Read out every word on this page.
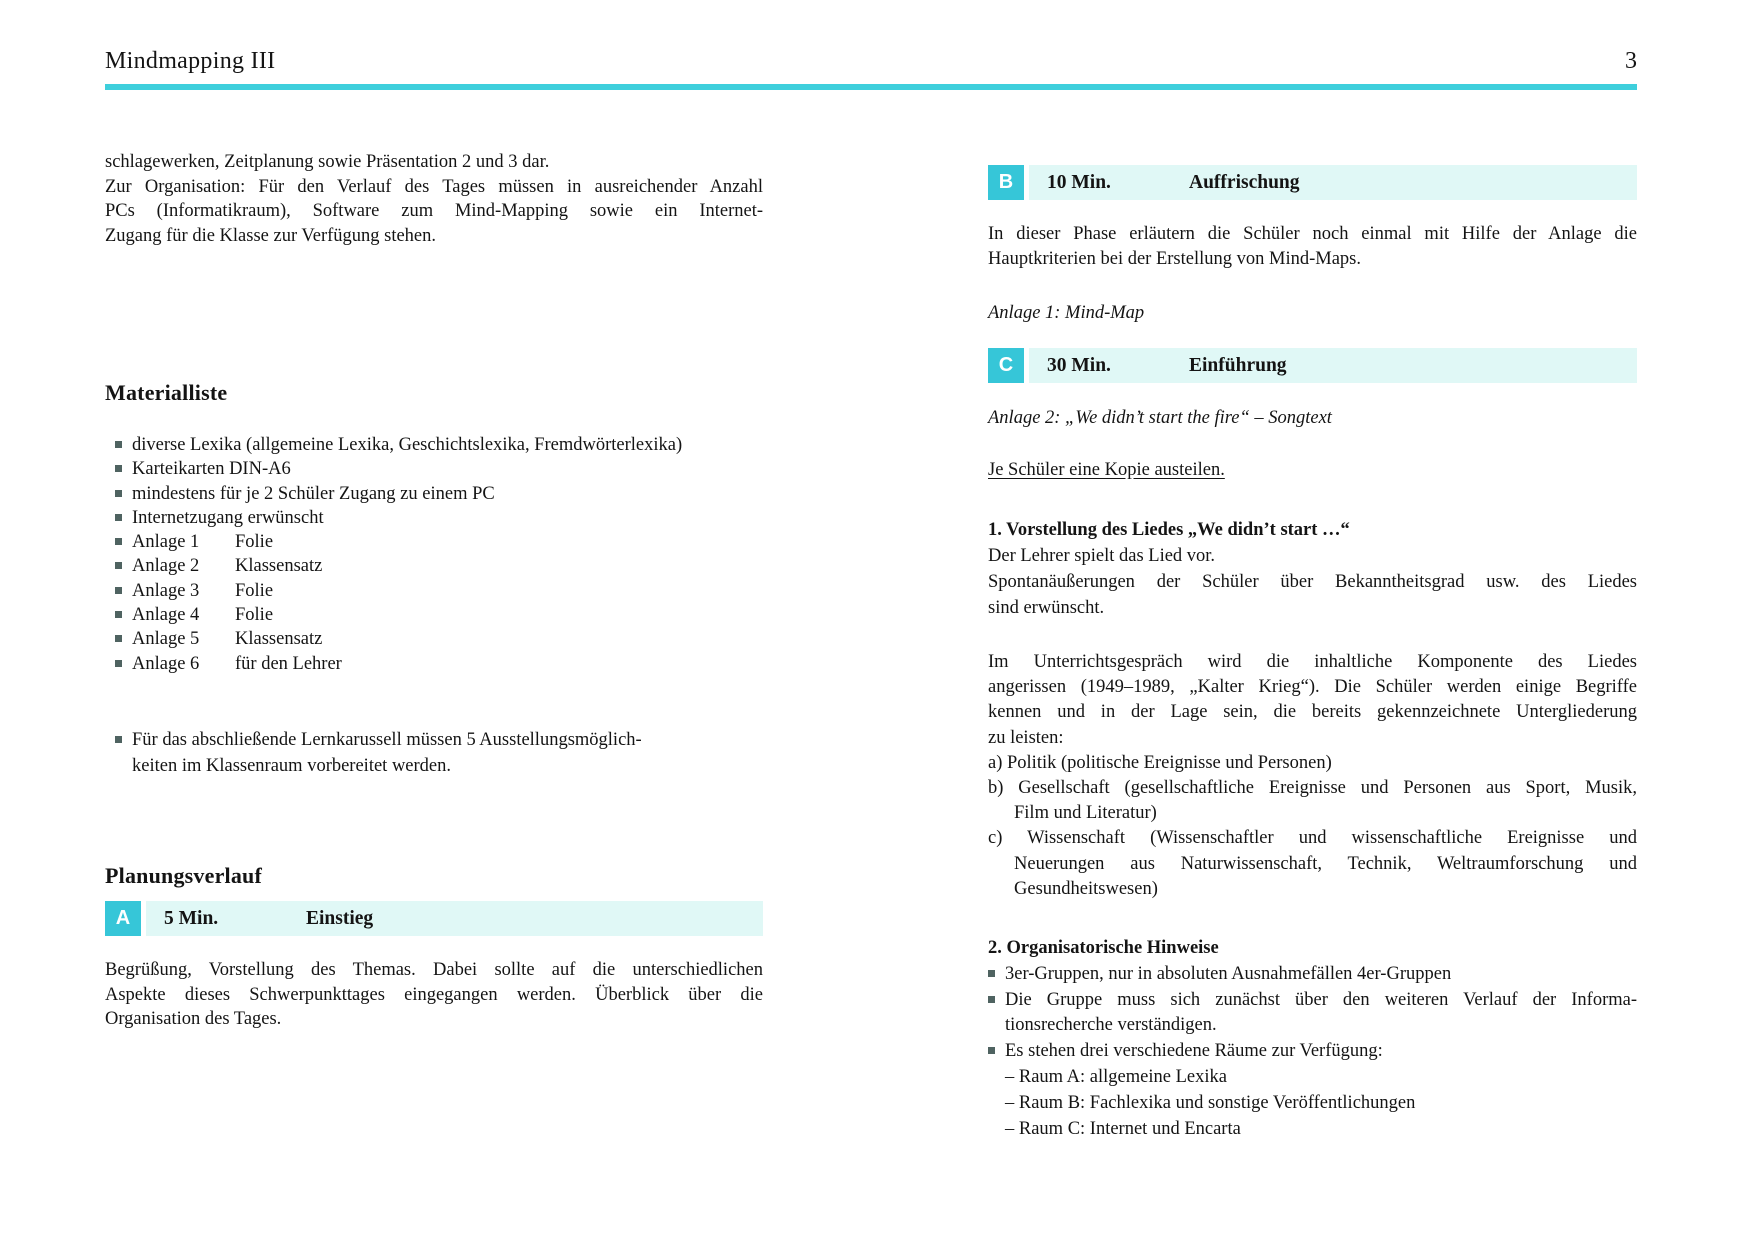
Mindmapping III	3
schlagewerken, Zeitplanung sowie Präsentation 2 und 3 dar.
Zur Organisation: Für den Verlauf des Tages müssen in ausreichender Anzahl
PCs (Informatikraum), Software zum Mind-Mapping sowie ein Internet-
Zugang für die Klasse zur Verfügung stehen.
Materialliste
diverse Lexika (allgemeine Lexika, Geschichtslexika, Fremdwörterlexika)
Karteikarten DIN-A6
mindestens für je 2 Schüler Zugang zu einem PC
Internetzugang erwünscht
Anlage 1 Folie
Anlage 2 Klassensatz
Anlage 3 Folie
Anlage 4 Folie
Anlage 5 Klassensatz
Anlage 6 für den Lehrer
Für das abschließende Lernkarussell müssen 5 Ausstellungsmöglich-
keiten im Klassenraum vorbereitet werden.
Planungsverlauf
A	5 Min.	Einstieg
Begrüßung, Vorstellung des Themas. Dabei sollte auf die unterschiedlichen
Aspekte dieses Schwerpunkttages eingegangen werden. Überblick über die
Organisation des Tages.
B	10 Min.	Auffrischung
In dieser Phase erläutern die Schüler noch einmal mit Hilfe der Anlage die
Hauptkriterien bei der Erstellung von Mind-Maps.
Anlage 1: Mind-Map
C	30 Min.	Einführung
Anlage 2: „We didn’t start the fire“ – Songtext
Je Schüler eine Kopie austeilen.
1. Vorstellung des Liedes „We didn’t start …“
Der Lehrer spielt das Lied vor.
Spontanäußerungen der Schüler über Bekanntheitsgrad usw. des Liedes
sind erwünscht.
Im Unterrichtsgespräch wird die inhaltliche Komponente des Liedes
angerissen (1949–1989, „Kalter Krieg“). Die Schüler werden einige Begriffe
kennen und in der Lage sein, die bereits gekennzeichnete Untergliederung
zu leisten:
a) Politik (politische Ereignisse und Personen)
b) Gesellschaft (gesellschaftliche Ereignisse und Personen aus Sport, Musik,
Film und Literatur)
c) Wissenschaft (Wissenschaftler und wissenschaftliche Ereignisse und
Neuerungen aus Naturwissenschaft, Technik, Weltraumforschung und
Gesundheitswesen)
2. Organisatorische Hinweise
3er-Gruppen, nur in absoluten Ausnahmefällen 4er-Gruppen
Die Gruppe muss sich zunächst über den weiteren Verlauf der Informa-
tionsrecherche verständigen.
Es stehen drei verschiedene Räume zur Verfügung:
– Raum A: allgemeine Lexika
– Raum B: Fachlexika und sonstige Veröffentlichungen
– Raum C: Internet und Encarta
